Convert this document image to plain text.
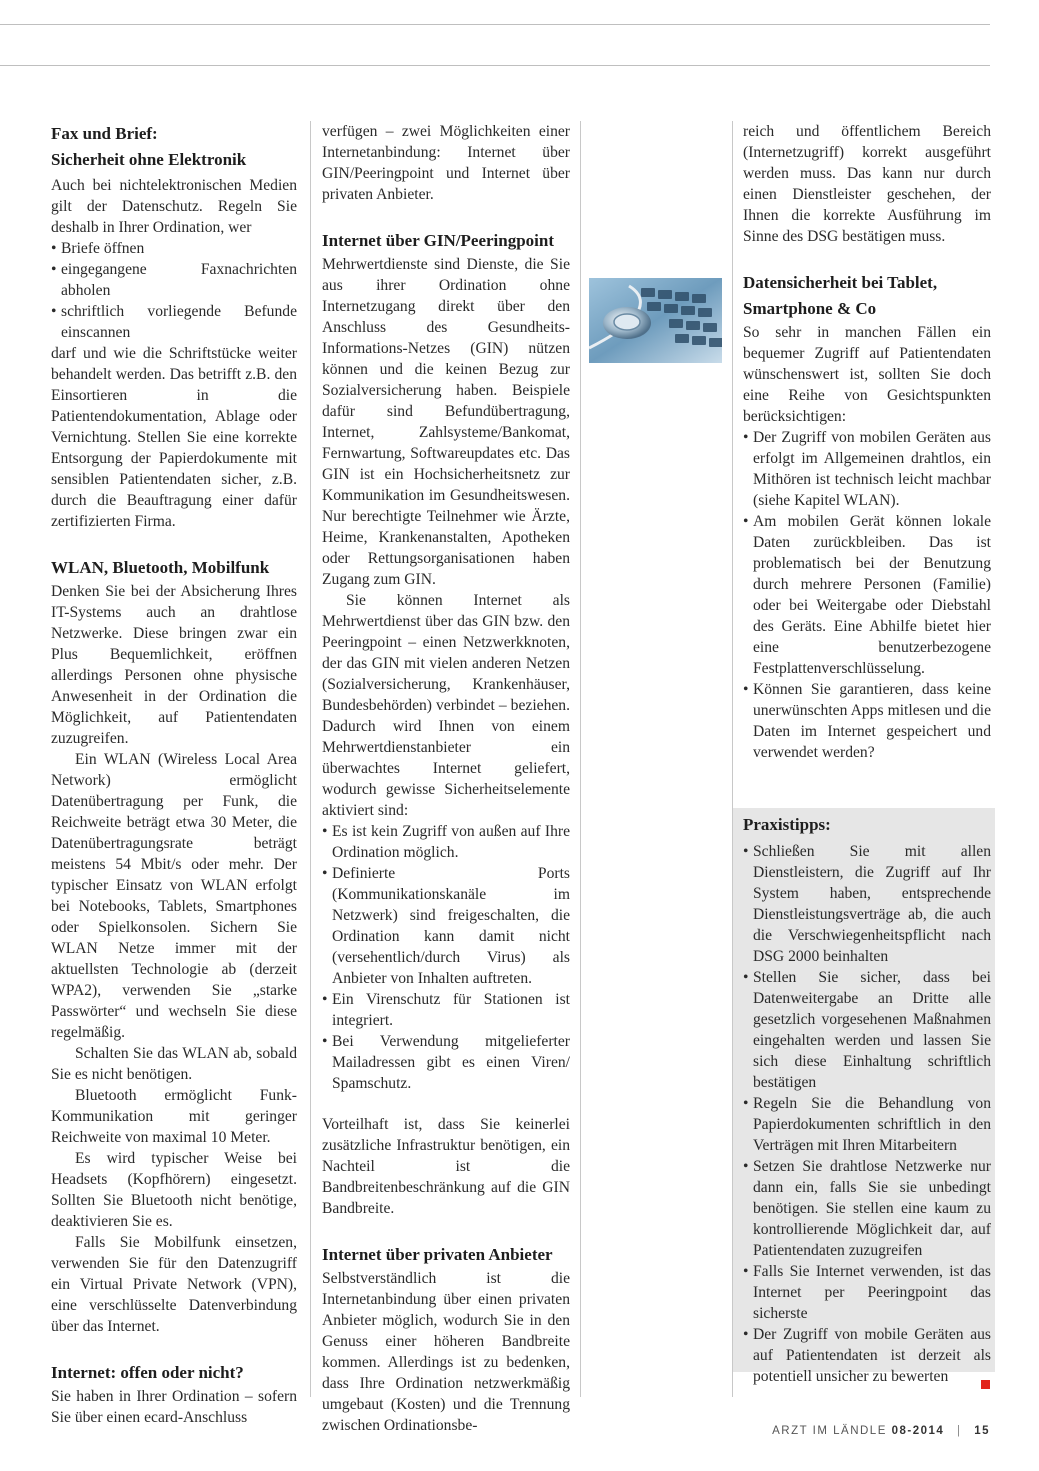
Fax und Brief:
Sicherheit ohne Elektronik

Auch bei nichtelektronischen Medien gilt der Datenschutz. Regeln Sie deshalb in Ihrer Ordination, wer

• Briefe öffnen
• eingegangene Faxnachrichten abholen
• schriftlich vorliegende Befunde einscannen

darf und wie die Schriftstücke weiter behandelt werden. Das betrifft z.B. den Einsortieren in die Patientendokumentation, Ablage oder Vernichtung. Stellen Sie eine korrekte Entsorgung der Papierdokumente mit sensiblen Patientendaten sicher, z.B. durch die Beauftragung einer dafür zertifizierten Firma.

WLAN, Bluetooth, Mobilfunk

Denken Sie bei der Absicherung Ihres IT-Systems auch an drahtlose Netzwerke. Diese bringen zwar ein Plus Bequemlichkeit, eröffnen allerdings Personen ohne physische Anwesenheit in der Ordination die Möglichkeit, auf Patientendaten zuzugreifen.

Ein WLAN (Wireless Local Area Network) ermöglicht Datenübertragung per Funk, die Reichweite beträgt etwa 30 Meter, die Datenübertragungsrate beträgt meistens 54 Mbit/s oder mehr. Der typischer Einsatz von WLAN erfolgt bei Notebooks, Tablets, Smartphones oder Spielkonsolen. Sichern Sie WLAN Netze immer mit der aktuellsten Technologie ab (derzeit WPA2), verwenden Sie „starke Passwörter“ und wechseln Sie diese regelmäßig.

Schalten Sie das WLAN ab, sobald Sie es nicht benötigen.

Bluetooth ermöglicht Funk-Kommunikation mit geringer Reichweite von maximal 10 Meter.

Es wird typischer Weise bei Headsets (Kopfhörern) eingesetzt. Sollten Sie Bluetooth nicht benötige, deaktivieren Sie es.

Falls Sie Mobilfunk einsetzen, verwenden Sie für den Datenzugriff ein Virtual Private Network (VPN), eine verschlüsselte Datenverbindung über das Internet.

Internet: offen oder nicht?

Sie haben in Ihrer Ordination – sofern Sie über einen ecard-Anschluss

verfügen – zwei Möglichkeiten einer Internetanbindung: Internet über GIN/Peeringpoint und Internet über privaten Anbieter.

Internet über GIN/Peeringpoint

Mehrwertdienste sind Dienste, die Sie aus ihrer Ordination ohne Internetzugang direkt über den Anschluss des Gesundheits-Informations-Netzes (GIN) nützen können und die keinen Bezug zur Sozialversicherung haben. Beispiele dafür sind Befundübertragung, Internet, Zahlsysteme/Bankomat, Fernwartung, Softwareupdates etc. Das GIN ist ein Hochsicherheitsnetz zur Kommunikation im Gesundheitswesen. Nur berechtigte Teilnehmer wie Ärzte, Heime, Krankenanstalten, Apotheken oder Rettungsorganisationen haben Zugang zum GIN.

Sie können Internet als Mehrwertdienst über das GIN bzw. den Peeringpoint – einen Netzwerkknoten, der das GIN mit vielen anderen Netzen (Sozialversicherung, Krankenhäuser, Bundesbehörden) verbindet – beziehen. Dadurch wird Ihnen von einem Mehrwertdienstanbieter ein überwachtes Internet geliefert, wodurch gewisse Sicherheitselemente aktiviert sind:

• Es ist kein Zugriff von außen auf Ihre Ordination möglich.
• Definierte Ports (Kommunikationskanäle im Netzwerk) sind freigeschalten, die Ordination kann damit nicht (versehentlich/durch Virus) als Anbieter von Inhalten auftreten.
• Ein Virenschutz für Stationen ist integriert.
• Bei Verwendung mitgelieferter Mailadressen gibt es einen Viren/ Spamschutz.

Vorteilhaft ist, dass Sie keinerlei zusätzliche Infrastruktur benötigen, ein Nachteil ist die Bandbreitenbeschränkung auf die GIN Bandbreite.

Internet über privaten Anbieter

Selbstverständlich ist die Internetanbindung über einen privaten Anbieter möglich, wodurch Sie in den Genuss einer höheren Bandbreite kommen. Allerdings ist zu bedenken, dass Ihre Ordination netzwerkmäßig umgebaut (Kosten) und die Trennung zwischen Ordinationsbe-

reich und öffentlichem Bereich (Internetzugriff) korrekt ausgeführt werden muss. Das kann nur durch einen Dienstleister geschehen, der Ihnen die korrekte Ausführung im Sinne des DSG bestätigen muss.

Datensicherheit bei Tablet,
Smartphone & Co

So sehr in manchen Fällen ein bequemer Zugriff auf Patientendaten wünschenswert ist, sollten Sie doch eine Reihe von Gesichtspunkten berücksichtigen:

• Der Zugriff von mobilen Geräten aus erfolgt im Allgemeinen drahtlos, ein Mithören ist technisch leicht machbar (siehe Kapitel WLAN).
• Am mobilen Gerät können lokale Daten zurückbleiben. Das ist problematisch bei der Benutzung durch mehrere Personen (Familie) oder bei Weitergabe oder Diebstahl des Geräts. Eine Abhilfe bietet hier eine benutzerbezogene Festplattenverschlüsselung.
• Können Sie garantieren, dass keine unerwünschten Apps mitlesen und die Daten im Internet gespeichert und verwendet werden?
Praxistipps:
• Schließen Sie mit allen Dienstleistern, die Zugriff auf Ihr System haben, entsprechende Dienstleistungsverträge ab, die auch die Verschwiegenheitspflicht nach DSG 2000 beinhalten
• Stellen Sie sicher, dass bei Datenweitergabe an Dritte alle gesetzlich vorgesehenen Maßnahmen eingehalten werden und lassen Sie sich diese Einhaltung schriftlich bestätigen
• Regeln Sie die Behandlung von Papierdokumenten schriftlich in den Verträgen mit Ihren Mitarbeitern
• Setzen Sie drahtlose Netzwerke nur dann ein, falls Sie sie unbedingt benötigen. Sie stellen eine kaum zu kontrollierende Möglichkeit dar, auf Patientendaten zuzugreifen
• Falls Sie Internet verwenden, ist das Internet per Peeringpoint das sicherste
• Der Zugriff von mobile Geräten aus auf Patientendaten ist derzeit als potentiell unsicher zu bewerten
ARZT IM LÄNDLE 08-2014 | 15
